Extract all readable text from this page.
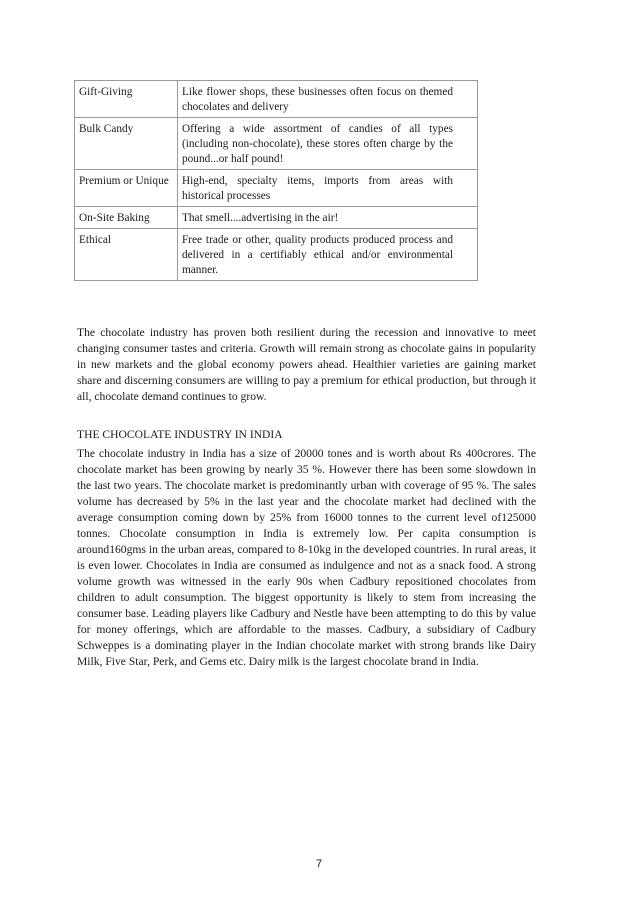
Gift-Giving	Like flower shops, these businesses often focus on themed chocolates and delivery
Bulk Candy	Offering a wide assortment of candies of all types (including non-chocolate), these stores often charge by the pound...or half pound!
Premium or Unique	High-end, specialty items, imports from areas with historical processes
On-Site Baking	That smell....advertising in the air!
Ethical	Free trade or other, quality products produced process and delivered in a certifiably ethical and/or environmental manner.

The chocolate industry has proven both resilient during the recession and innovative to meet changing consumer tastes and criteria. Growth will remain strong as chocolate gains in popularity in new markets and the global economy powers ahead. Healthier varieties are gaining market share and discerning consumers are willing to pay a premium for ethical production, but through it all, chocolate demand continues to grow.

THE CHOCOLATE INDUSTRY IN INDIA

The chocolate industry in India has a size of 20000 tones and is worth about Rs 400crores. The chocolate market has been growing by nearly 35 %. However there has been some slowdown in the last two years. The chocolate market is predominantly urban with coverage of 95 %. The sales volume has decreased by 5% in the last year and the chocolate market had declined with the average consumption coming down by 25% from 16000 tonnes to the current level of125000 tonnes. Chocolate consumption in India is extremely low. Per capita consumption is around160gms in the urban areas, compared to 8-10kg in the developed countries. In rural areas, it is even lower. Chocolates in India are consumed as indulgence and not as a snack food. A strong volume growth was witnessed in the early 90s when Cadbury repositioned chocolates from children to adult consumption. The biggest opportunity is likely to stem from increasing the consumer base. Leading players like Cadbury and Nestle have been attempting to do this by value for money offerings, which are affordable to the masses. Cadbury, a subsidiary of Cadbury Schweppes is a dominating player in the Indian chocolate market with strong brands like Dairy Milk, Five Star, Perk, and Gems etc. Dairy milk is the largest chocolate brand in India.

7
